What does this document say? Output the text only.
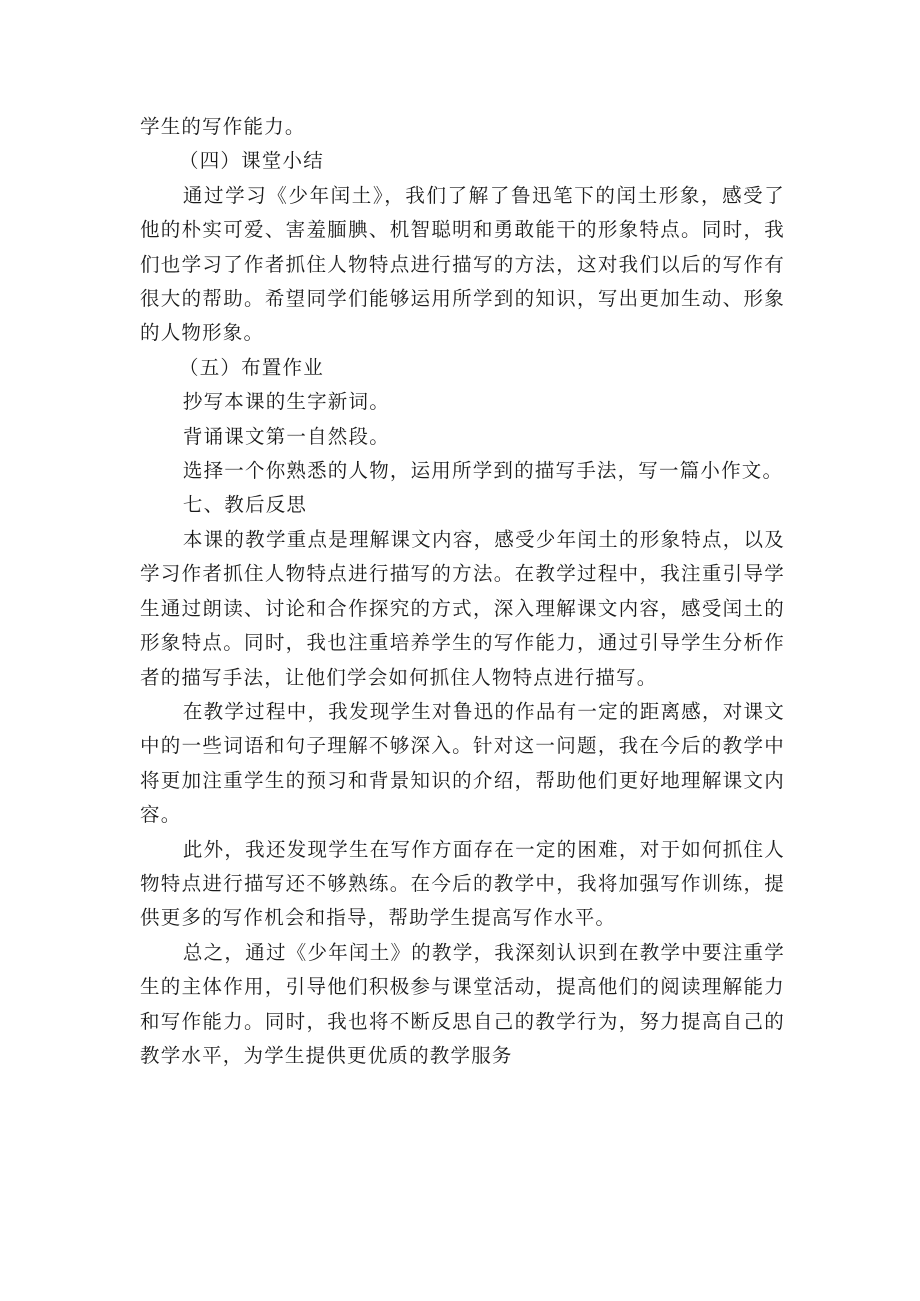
学生的写作能力。

（四）课堂小结

通过学习《少年闰土》，我们了解了鲁迅笔下的闰土形象，感受了他的朴实可爱、害羞腼腆、机智聪明和勇敢能干的形象特点。同时，我们也学习了作者抓住人物特点进行描写的方法，这对我们以后的写作有很大的帮助。希望同学们能够运用所学到的知识，写出更加生动、形象的人物形象。

（五）布置作业

抄写本课的生字新词。

背诵课文第一自然段。

选择一个你熟悉的人物，运用所学到的描写手法，写一篇小作文。

七、教后反思

本课的教学重点是理解课文内容，感受少年闰土的形象特点，以及学习作者抓住人物特点进行描写的方法。在教学过程中，我注重引导学生通过朗读、讨论和合作探究的方式，深入理解课文内容，感受闰土的形象特点。同时，我也注重培养学生的写作能力，通过引导学生分析作者的描写手法，让他们学会如何抓住人物特点进行描写。

在教学过程中，我发现学生对鲁迅的作品有一定的距离感，对课文中的一些词语和句子理解不够深入。针对这一问题，我在今后的教学中将更加注重学生的预习和背景知识的介绍，帮助他们更好地理解课文内容。

此外，我还发现学生在写作方面存在一定的困难，对于如何抓住人物特点进行描写还不够熟练。在今后的教学中，我将加强写作训练，提供更多的写作机会和指导，帮助学生提高写作水平。

总之，通过《少年闰土》的教学，我深刻认识到在教学中要注重学生的主体作用，引导他们积极参与课堂活动，提高他们的阅读理解能力和写作能力。同时，我也将不断反思自己的教学行为，努力提高自己的教学水平，为学生提供更优质的教学服务
